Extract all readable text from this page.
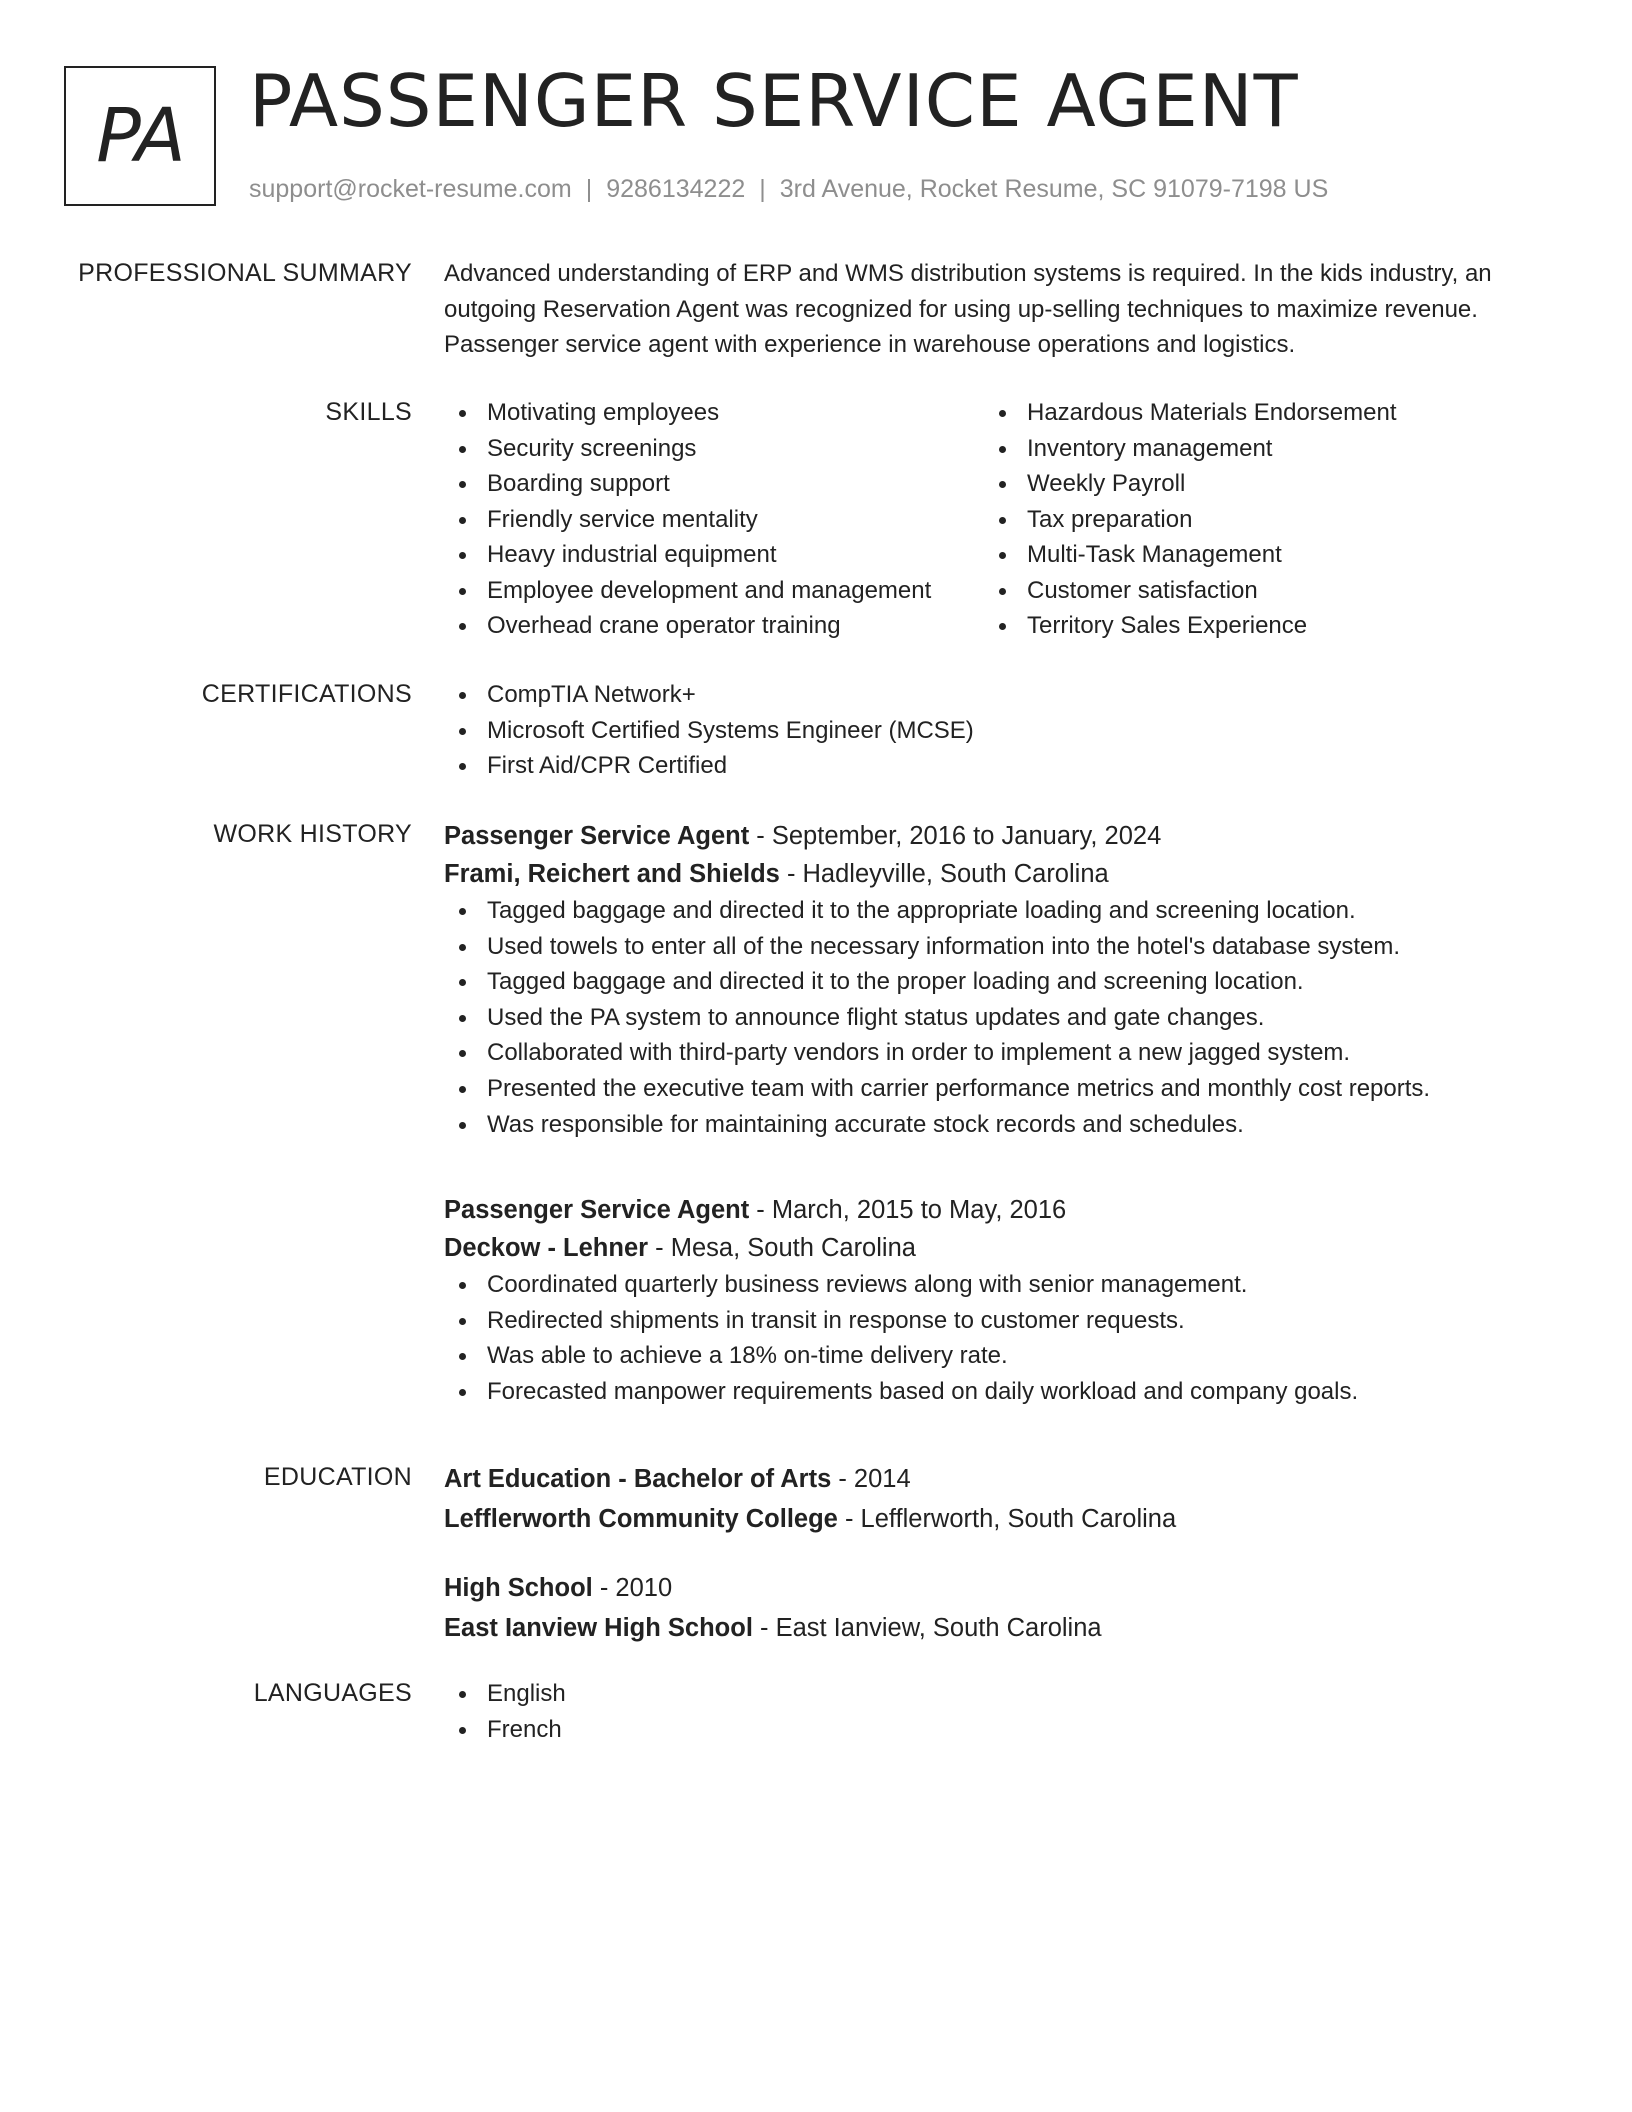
PA PASSENGER SERVICE AGENT
support@rocket-resume.com | 9286134222 | 3rd Avenue, Rocket Resume, SC 91079-7198 US
PROFESSIONAL SUMMARY Advanced understanding of ERP and WMS distribution systems is required. In the kids industry, an
outgoing Reservation Agent was recognized for using up-selling techniques to maximize revenue.
Passenger service agent with experience in warehouse operations and logistics.
SKILLS	Motivating employees
Security screenings
Boarding support
Friendly service mentality
Heavy industrial equipment
Employee development and management
Overhead crane operator training
Hazardous Materials Endorsement
Inventory management
Weekly Payroll
Tax preparation
Multi-Task Management
Customer satisfaction
Territory Sales Experience
CERTIFICATIONS	CompTIA Network+
Microsoft Certified Systems Engineer (MCSE)
First Aid/CPR Certified
WORK HISTORY Passenger Service Agent - September, 2016 to January, 2024
Frami, Reichert and Shields - Hadleyville, South Carolina
Tagged baggage and directed it to the appropriate loading and screening location.
Used towels to enter all of the necessary information into the hotel's database system.
Tagged baggage and directed it to the proper loading and screening location.
Used the PA system to announce flight status updates and gate changes.
Collaborated with third-party vendors in order to implement a new jagged system.
Presented the executive team with carrier performance metrics and monthly cost reports.
Was responsible for maintaining accurate stock records and schedules.
Passenger Service Agent - March, 2015 to May, 2016
Deckow - Lehner - Mesa, South Carolina
Coordinated quarterly business reviews along with senior management.
Redirected shipments in transit in response to customer requests.
Was able to achieve a 18% on-time delivery rate.
Forecasted manpower requirements based on daily workload and company goals.
EDUCATION Art Education - Bachelor of Arts - 2014
Lefflerworth Community College - Lefflerworth, South Carolina
High School - 2010
East Ianview High School - East Ianview, South Carolina
LANGUAGES	English
French
